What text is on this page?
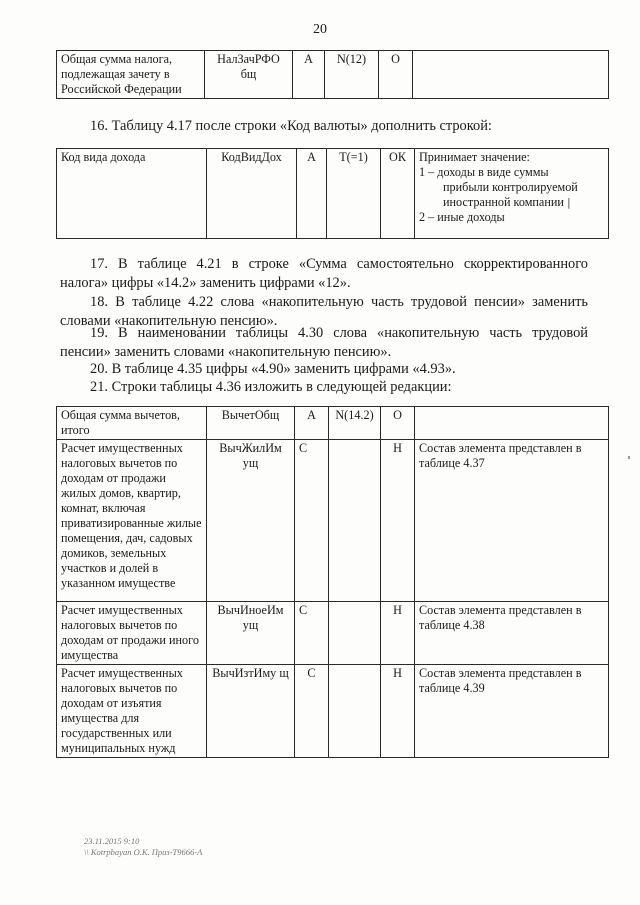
20
Общая сумма налога, подлежащая зачету в Российской Федерации	НалЗачРФО бщ	А	N(12)	О	
16. Таблицу 4.17 после строки «Код валюты» дополнить строкой:
Код вида дохода	КодВидДох	А	T(=1)	ОК	Принимает значение:
1 – доходы в виде суммы
прибыли контролируемой иностранной компании |
2 – иные доходы
17. В таблице 4.21 в строке «Сумма самостоятельно скорректированного налога» цифры «14.2» заменить цифрами «12».
18. В таблице 4.22 слова «накопительную часть трудовой пенсии» заменить словами «накопительную пенсию».
19. В наименовании таблицы 4.30 слова «накопительную часть трудовой пенсии» заменить словами «накопительную пенсию».
20. В таблице 4.35 цифры «4.90» заменить цифрами «4.93».
21. Строки таблицы 4.36 изложить в следующей редакции:
Общая сумма вычетов, итого	ВычетОбщ	А	N(14.2)	О	
Расчет имущественных налоговых вычетов по доходам от продажи жилых домов, квартир, комнат, включая приватизированные жилые помещения, дач, садовых домиков, земельных участков и долей в указанном имуществе	ВычЖилИм ущ	С		Н	Состав элемента представлен в таблице 4.37
Расчет имущественных налоговых вычетов по доходам от продажи иного имущества	ВычИноеИм ущ	С		Н	Состав элемента представлен в таблице 4.38
Расчет имущественных налоговых вычетов по доходам от изъятия имущества для государственных или муниципальных нужд	ВычИзтИму щ	С		Н	Состав элемента представлен в таблице 4.39
23.11.2015 9:10
\\ Kotrpbayan О.К. Приз-Т9666-А
